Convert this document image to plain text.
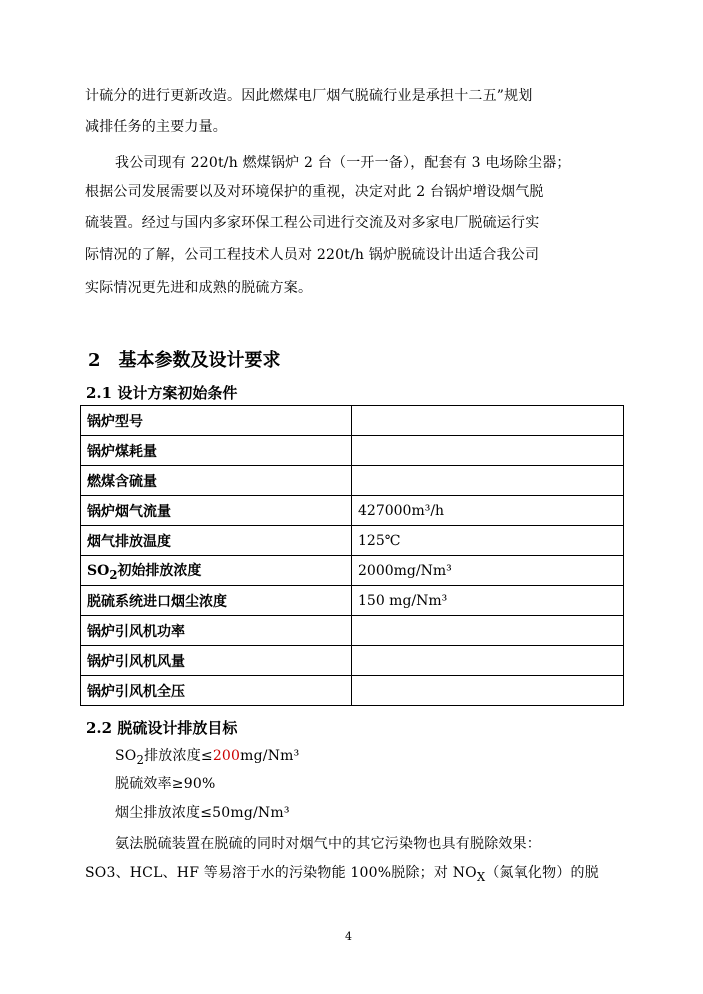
计硫分的进行更新改造。因此燃煤电厂烟气脱硫行业是承担十二五”规划
减排任务的主要力量。
我公司现有 220t/h 燃煤锅炉 2 台（一开一备），配套有 3 电场除尘器；
根据公司发展需要以及对环境保护的重视，决定对此 2 台锅炉增设烟气脱
硫装置。经过与国内多家环保工程公司进行交流及对多家电厂脱硫运行实
际情况的了解，公司工程技术人员对 220t/h 锅炉脱硫设计出适合我公司
实际情况更先进和成熟的脱硫方案。
2　基本参数及设计要求
2.1 设计方案初始条件
锅炉型号	
锅炉煤耗量	
燃煤含硫量	
锅炉烟气流量	427000m³/h
烟气排放温度	125℃
$SO_2$初始排放浓度	2000mg/Nm³
脱硫系统进口烟尘浓度	150 mg/Nm³
锅炉引风机功率	
锅炉引风机风量	
锅炉引风机全压	
2.2 脱硫设计排放目标
$SO_2$排放浓度≤200mg/Nm³
脱硫效率≥90%
烟尘排放浓度≤50mg/Nm³
氨法脱硫装置在脱硫的同时对烟气中的其它污染物也具有脱除效果：
SO3、HCL、HF 等易溶于水的污染物能 100%脱除；对 $NO_X$（氮氧化物）的脱
4
